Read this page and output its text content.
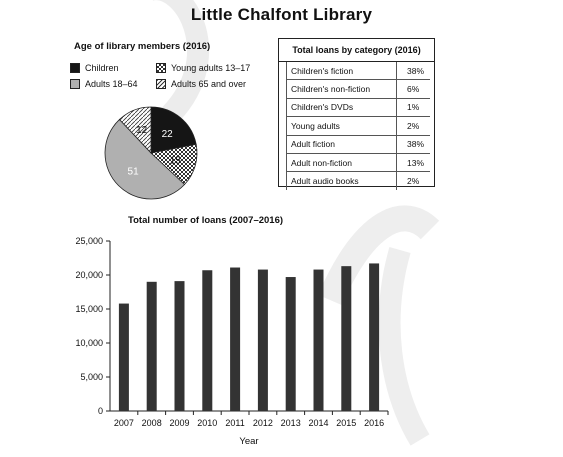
Little Chalfont Library
Age of library members (2016)
Children	Young adults 13–17
Adults 18–64	Adults 65 and over
22
15
51
12
Total loans by category (2016)
Children's fiction	38%
Children's non-fiction	6%
Children's DVDs	1%
Young adults	2%
Adult fiction	38%
Adult non-fiction	13%
Adult audio books	2%
Total number of loans (2007–2016)
0
5,000
10,000
15,000
20,000
25,000
2007 2008 2009 2010 2011 2012 2013 2014 2015 2016
Year
